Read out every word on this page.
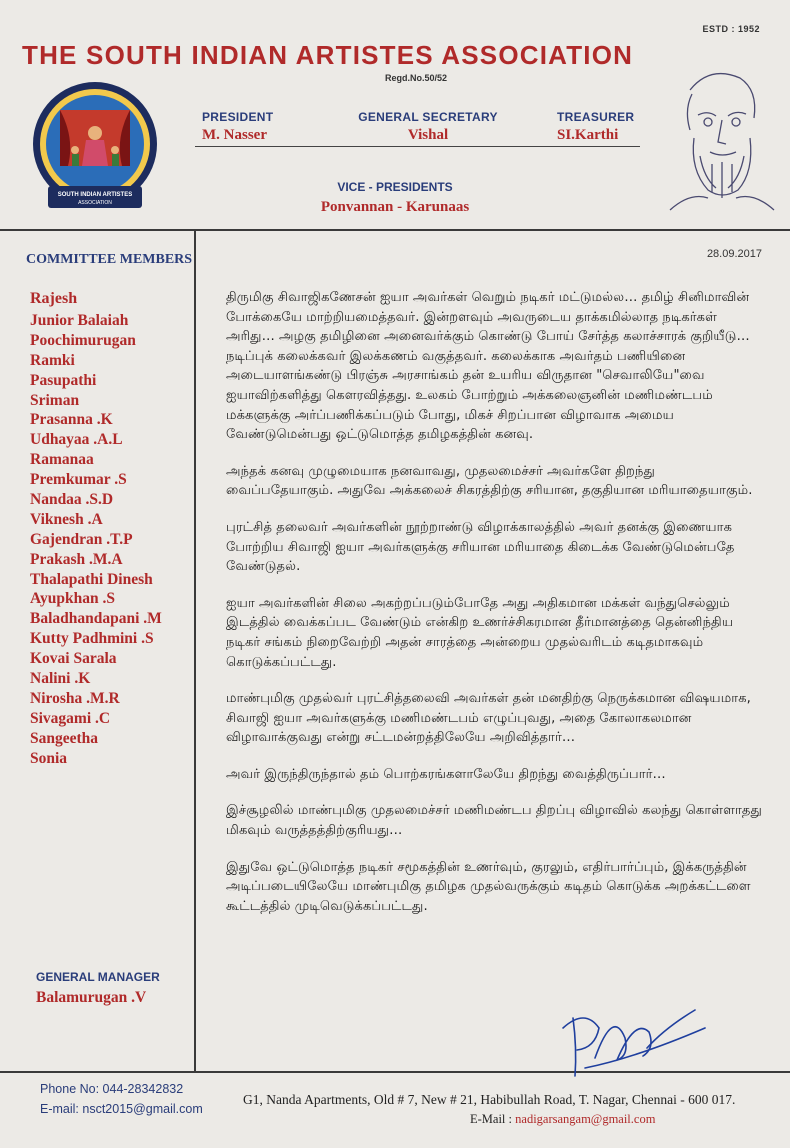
ESTD : 1952
THE SOUTH INDIAN ARTISTES ASSOCIATION
Regd.No.50/52
SOUTH INDIAN ARTISTES
ASSOCIATION
PRESIDENT
M. Nasser
GENERAL SECRETARY
Vishal
TREASURER
SI.Karthi
VICE - PRESIDENTS
Ponvannan - Karunaas
COMMITTEE MEMBERS
Rajesh
Junior Balaiah
Poochimurugan
Ramki
Pasupathi
Sriman
Prasanna .K
Udhayaa .A.L
Ramanaa
Premkumar .S
Nandaa .S.D
Viknesh .A
Gajendran .T.P
Prakash .M.A
Thalapathi Dinesh
Ayupkhan .S
Baladhandapani .M
Kutty Padhmini .S
Kovai Sarala
Nalini .K
Nirosha .M.R
Sivagami .C
Sangeetha
Sonia
GENERAL MANAGER
Balamurugan .V
28.09.2017

திருமிகு சிவாஜிகணேசன் ஐயா அவர்கள் வெறும் நடிகர் மட்டுமல்ல… தமிழ் சினிமாவின் போக்கையே மாற்றியமைத்தவர். இன்றளவும் அவருடைய தாக்கமில்லாத நடிகர்கள் அரிது… அழகு தமிழினை அனைவர்க்கும் கொண்டு போய் சேர்த்த கலாச்சாரக் குறியீடு… நடிப்புக் கலைக்கவர் இலக்கணம் வகுத்தவர். கலைக்காக அவர்தம் பணியினை அடையாளங்கண்டு பிரஞ்சு அரசாங்கம் தன் உயரிய விருதான "செவாலியே"வை ஐயாவிற்களித்து கௌரவித்தது. உலகம் போற்றும் அக்கலைஞனின் மணிமண்டபம் மக்களுக்கு அர்ப்பணிக்கப்படும் போது, மிகச் சிறப்பான விழாவாக அமைய வேண்டுமென்பது ஒட்டுமொத்த தமிழகத்தின் கனவு.

அந்தக் கனவு முழுமையாக நனவாவது, முதலமைச்சர் அவர்களே திறந்து வைப்பதேயாகும். அதுவே அக்கலைச் சிகரத்திற்கு சரியான, தகுதியான மரியாதையாகும்.

புரட்சித் தலைவர் அவர்களின் நூற்றாண்டு விழாக்காலத்தில் அவர் தனக்கு இணையாக போற்றிய சிவாஜி ஐயா அவர்களுக்கு சரியான மரியாதை கிடைக்க வேண்டுமென்பதே வேண்டுதல்.

ஐயா அவர்களின் சிலை அகற்றப்படும்போதே அது அதிகமான மக்கள் வந்துசெல்லும் இடத்தில் வைக்கப்பட வேண்டும் என்கிற உணர்ச்சிகரமான தீர்மானத்தை தென்னிந்திய நடிகர் சங்கம் நிறைவேற்றி அதன் சாரத்தை அன்றைய முதல்வரிடம் கடிதமாகவும் கொடுக்கப்பட்டது.

மாண்புமிகு முதல்வர் புரட்சித்தலைவி அவர்கள் தன் மனதிற்கு நெருக்கமான விஷயமாக, சிவாஜி ஐயா அவர்களுக்கு மணிமண்டபம் எழுப்புவது, அதை கோலாகலமான விழாவாக்குவது என்று சட்டமன்றத்திலேயே அறிவித்தார்…

அவர் இருந்திருந்தால் தம் பொற்கரங்களாலேயே திறந்து வைத்திருப்பார்…

இச்சூழலில் மாண்புமிகு முதலமைச்சர் மணிமண்டப திறப்பு விழாவில் கலந்து கொள்ளாதது மிகவும் வருத்தத்திற்குரியது…

இதுவே ஒட்டுமொத்த நடிகர் சமூகத்தின் உணர்வும், குரலும், எதிர்பார்ப்பும், இக்கருத்தின் அடிப்படையிலேயே மாண்புமிகு தமிழக முதல்வருக்கும் கடிதம் கொடுக்க அறக்கட்டளை கூட்டத்தில் முடிவெடுக்கப்பட்டது.

Phone No: 044-28342832
E-mail: nsct2015@gmail.com
G1, Nanda Apartments, Old # 7, New # 21, Habibullah Road, T. Nagar, Chennai - 600 017.
E-Mail : nadigarsangam@gmail.com
